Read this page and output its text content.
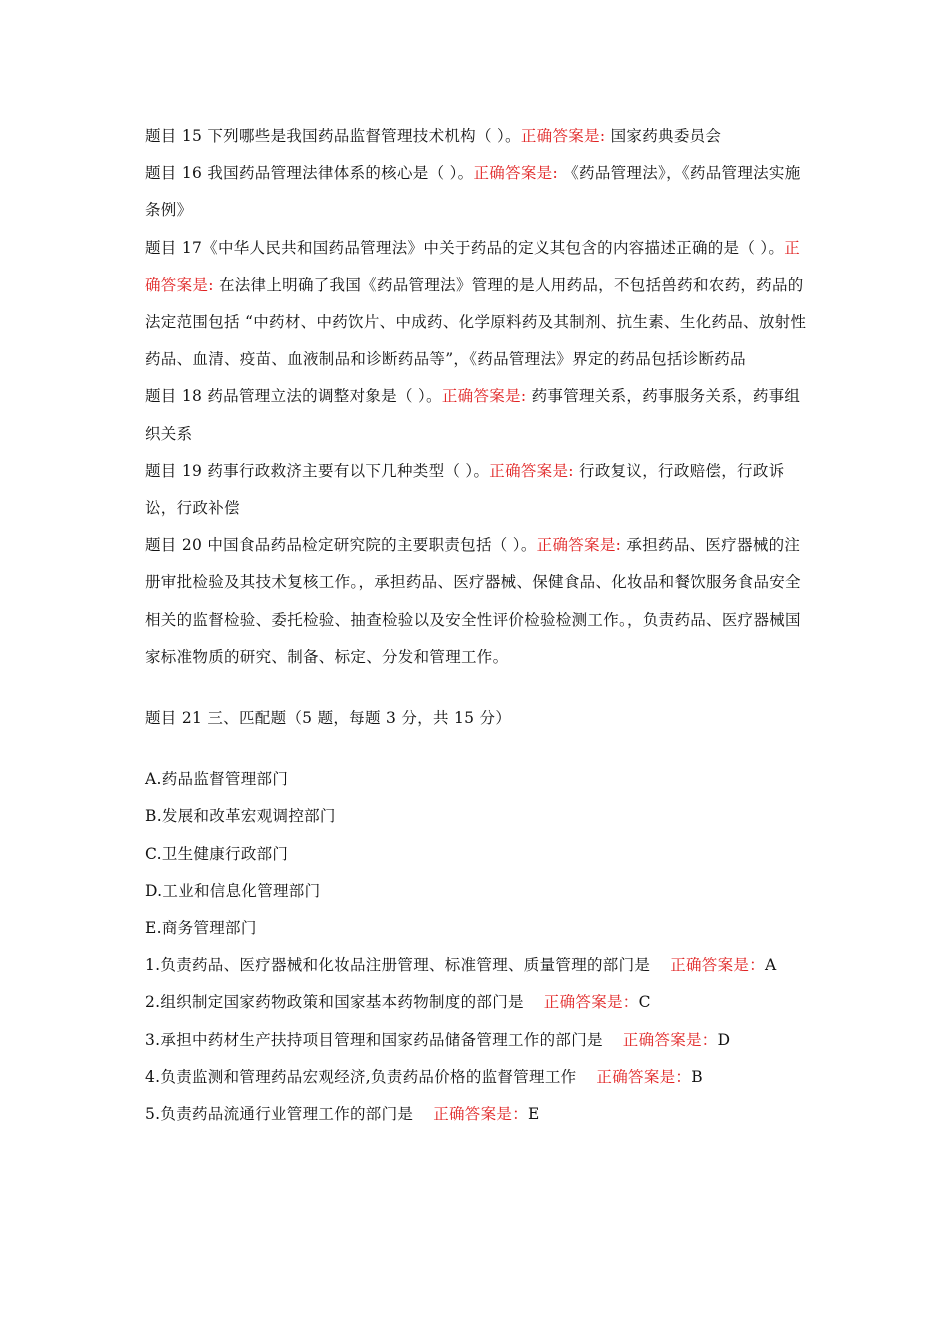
题目 15 下列哪些是我国药品监督管理技术机构（ ）。正确答案是: 国家药典委员会

题目 16 我国药品管理法律体系的核心是（ ）。正确答案是: 《药品管理法》，《药品管理法实施条例》

题目 17《中华人民共和国药品管理法》中关于药品的定义其包含的内容描述正确的是（ ）。正确答案是: 在法律上明确了我国《药品管理法》管理的是人用药品，不包括兽药和农药，药品的法定范围包括 “中药材、中药饮片、中成药、化学原料药及其制剂、抗生素、生化药品、放射性药品、血清、疫苗、血液制品和诊断药品等”，《药品管理法》界定的药品包括诊断药品

题目 18 药品管理立法的调整对象是（ ）。正确答案是: 药事管理关系，药事服务关系，药事组织关系

题目 19 药事行政救济主要有以下几种类型（ ）。正确答案是: 行政复议，行政赔偿，行政诉讼，行政补偿

题目 20 中国食品药品检定研究院的主要职责包括（ ）。正确答案是: 承担药品、医疗器械的注册审批检验及其技术复核工作。，承担药品、医疗器械、保健食品、化妆品和餐饮服务食品安全相关的监督检验、委托检验、抽查检验以及安全性评价检验检测工作。，负责药品、医疗器械国家标准物质的研究、制备、标定、分发和管理工作。

题目 21 三、匹配题（5 题，每题 3 分，共 15 分）

A.药品监督管理部门

B.发展和改革宏观调控部门

C.卫生健康行政部门

D.工业和信息化管理部门

E.商务管理部门

1.负责药品、医疗器械和化妆品注册管理、标准管理、质量管理的部门是 正确答案是：A

2.组织制定国家药物政策和国家基本药物制度的部门是 正确答案是：C

3.承担中药材生产扶持项目管理和国家药品储备管理工作的部门是 正确答案是：D

4.负责监测和管理药品宏观经济,负责药品价格的监督管理工作 正确答案是：B

5.负责药品流通行业管理工作的部门是 正确答案是：E
